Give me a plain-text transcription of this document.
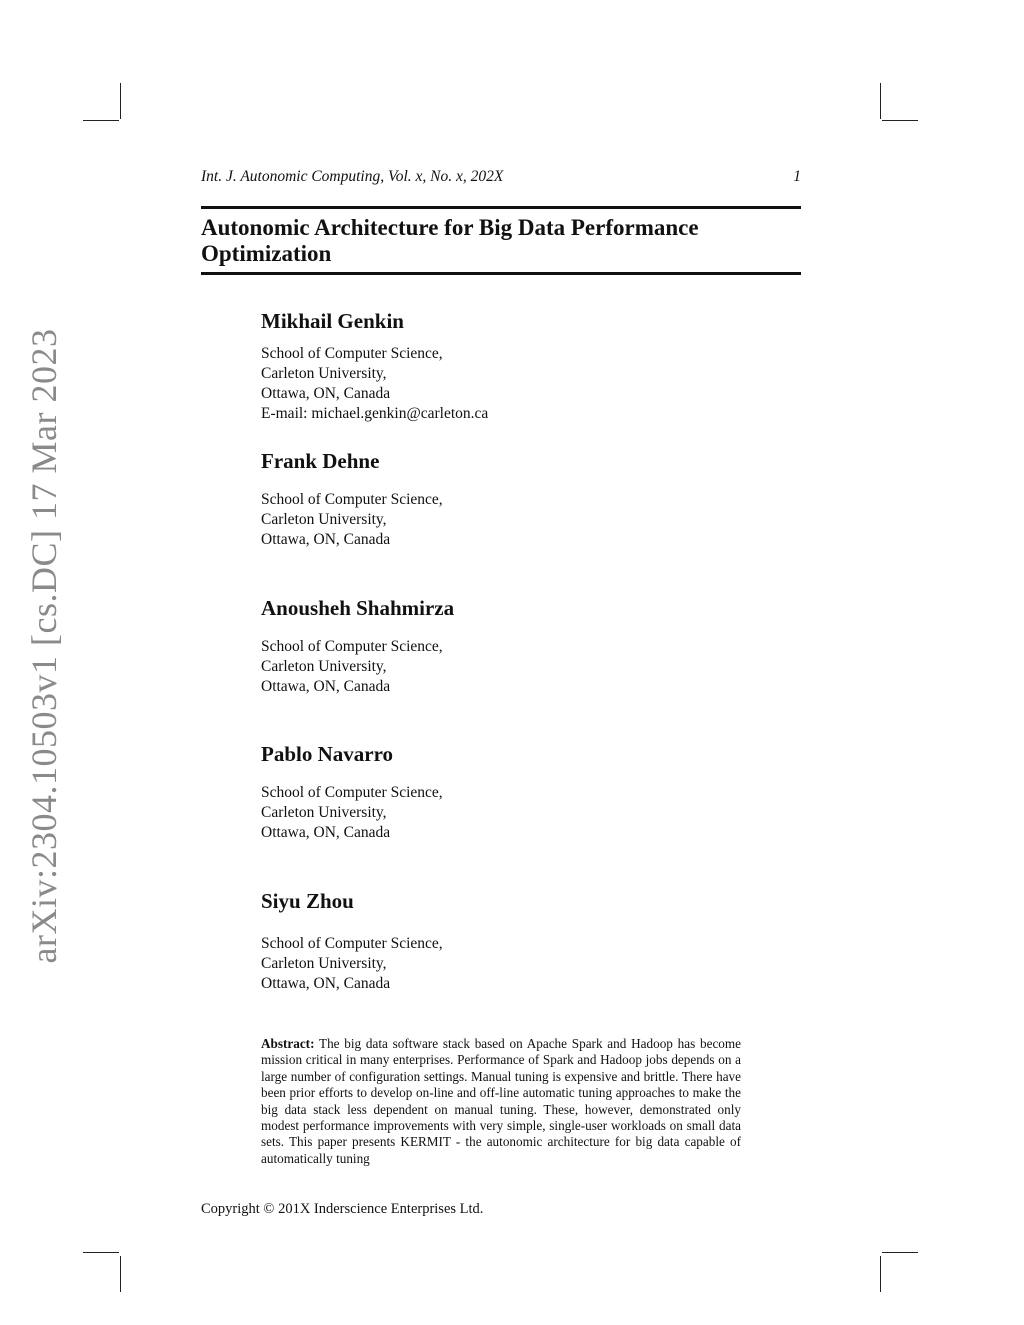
arXiv:2304.10503v1 [cs.DC] 17 Mar 2023
Int. J. Autonomic Computing, Vol. x, No. x, 202X	1
Autonomic Architecture for Big Data Performance
Optimization
Mikhail Genkin
School of Computer Science,
Carleton University,
Ottawa, ON, Canada
E-mail: michael.genkin@carleton.ca
Frank Dehne
School of Computer Science,
Carleton University,
Ottawa, ON, Canada
Anousheh Shahmirza
School of Computer Science,
Carleton University,
Ottawa, ON, Canada
Pablo Navarro
School of Computer Science,
Carleton University,
Ottawa, ON, Canada
Siyu Zhou
School of Computer Science,
Carleton University,
Ottawa, ON, Canada
Abstract: The big data software stack based on Apache Spark and Hadoop has become mission critical in many enterprises. Performance of Spark and Hadoop jobs depends on a large number of configuration settings. Manual tuning is expensive and brittle. There have been prior efforts to develop on-line and off-line automatic tuning approaches to make the big data stack less dependent on manual tuning. These, however, demonstrated only modest performance improvements with very simple, single-user workloads on small data sets. This paper presents KERMIT - the autonomic architecture for big data capable of automatically tuning
Copyright © 201X Inderscience Enterprises Ltd.
